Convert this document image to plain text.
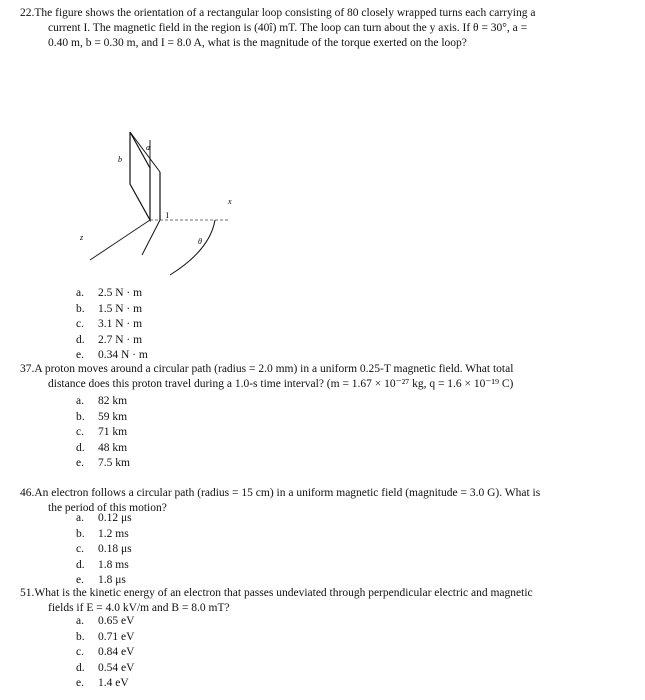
22.The figure shows the orientation of a rectangular loop consisting of 80 closely wrapped turns each carrying a
current I. The magnetic field in the region is (40î) mT. The loop can turn about the y axis. If θ = 30°, a =
0.40 m, b = 0.30 m, and I = 8.0 A, what is the magnitude of the torque exerted on the loop?
b
a
x
z
I
θ
a.	2.5 N · m
b.	1.5 N · m
c.	3.1 N · m
d.	2.7 N · m
e.	0.34 N · m
37.A proton moves around a circular path (radius = 2.0 mm) in a uniform 0.25-T magnetic field. What total
distance does this proton travel during a 1.0-s time interval? (m = 1.67 × 10⁻²⁷ kg, q = 1.6 × 10⁻¹⁹ C)
a.	82 km
b.	59 km
c.	71 km
d.	48 km
e.	7.5 km
46.An electron follows a circular path (radius = 15 cm) in a uniform magnetic field (magnitude = 3.0 G). What is
the period of this motion?
a.	0.12 μs
b.	1.2 ms
c.	0.18 μs
d.	1.8 ms
e.	1.8 μs
51.What is the kinetic energy of an electron that passes undeviated through perpendicular electric and magnetic
fields if E = 4.0 kV/m and B = 8.0 mT?
a.	0.65 eV
b.	0.71 eV
c.	0.84 eV
d.	0.54 eV
e.	1.4 eV
